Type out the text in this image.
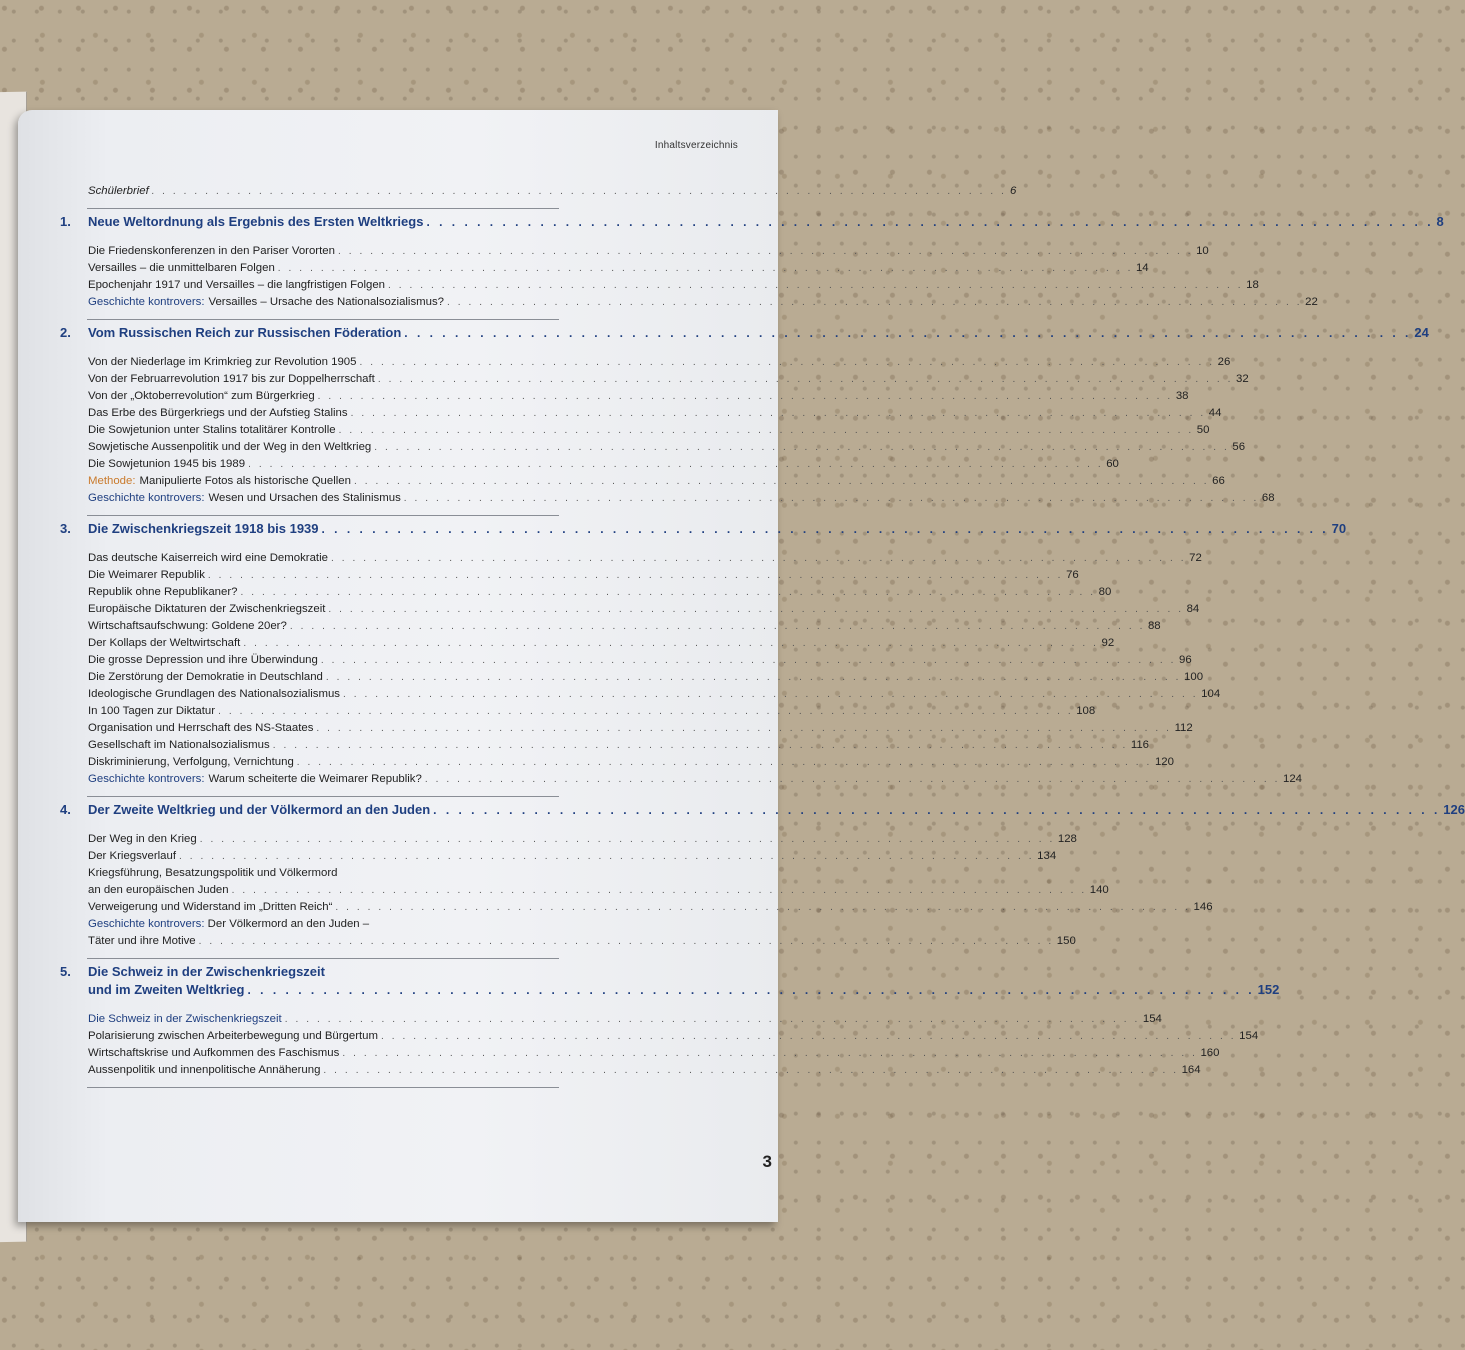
Inhaltsverzeichnis
Schülerbrief . . . . . . . . . . . . . . . . . . . . . . . . . . . . . . . . . . . . . . . . . . . . . . . . . . . . . . . . . . . . . . . . . . . . . . . . . . . . . . . . 6
1. Neue Weltordnung als Ergebnis des Ersten Weltkriegs . . . . . . . . . . . . . . . . . . . . . . . . . . . . . . . . . . . . . . . . . . . . . . . . . . . . . . . . . . . . . . . . . . . . . . . . . . . . . . . . 8
Die Friedenskonferenzen in den Pariser Vororten . . . . . . . . . . . . . . . . . . . . . . . . . . . . . . . . . . . . . . . . . . . . . . . . . . . . . . . . . . . . . . . . . . . . . . . . . . . . . . . . 10
Versailles – die unmittelbaren Folgen . . . . . . . . . . . . . . . . . . . . . . . . . . . . . . . . . . . . . . . . . . . . . . . . . . . . . . . . . . . . . . . . . . . . . . . . . . . . . . . . 14
Epochenjahr 1917 und Versailles – die langfristigen Folgen . . . . . . . . . . . . . . . . . . . . . . . . . . . . . . . . . . . . . . . . . . . . . . . . . . . . . . . . . . . . . . . . . . . . . . . . . . . . . . . . 18
Geschichte kontrovers: Versailles – Ursache des Nationalsozialismus? . . . . . . . . . . . . . . . . . . . . . . . . . . . . . . . . . . . . . . . . . . . . . . . . . . . . . . . . . . . . . . . . . . . . . . . . . . . . . . . . 22
2. Vom Russischen Reich zur Russischen Föderation . . . . . . . . . . . . . . . . . . . . . . . . . . . . . . . . . . . . . . . . . . . . . . . . . . . . . . . . . . . . . . . . . . . . . . . . . . . . . . . . 24
Von der Niederlage im Krimkrieg zur Revolution 1905 . . . . . . . . . . . . . . . . . . . . . . . . . . . . . . . . . . . . . . . . . . . . . . . . . . . . . . . . . . . . . . . . . . . . . . . . . . . . . . . . 26
Von der Februarrevolution 1917 bis zur Doppelherrschaft . . . . . . . . . . . . . . . . . . . . . . . . . . . . . . . . . . . . . . . . . . . . . . . . . . . . . . . . . . . . . . . . . . . . . . . . . . . . . . . . 32
Von der „Oktoberrevolution“ zum Bürgerkrieg . . . . . . . . . . . . . . . . . . . . . . . . . . . . . . . . . . . . . . . . . . . . . . . . . . . . . . . . . . . . . . . . . . . . . . . . . . . . . . . . 38
Das Erbe des Bürgerkriegs und der Aufstieg Stalins . . . . . . . . . . . . . . . . . . . . . . . . . . . . . . . . . . . . . . . . . . . . . . . . . . . . . . . . . . . . . . . . . . . . . . . . . . . . . . . . 44
Die Sowjetunion unter Stalins totalitärer Kontrolle . . . . . . . . . . . . . . . . . . . . . . . . . . . . . . . . . . . . . . . . . . . . . . . . . . . . . . . . . . . . . . . . . . . . . . . . . . . . . . . . 50
Sowjetische Aussenpolitik und der Weg in den Weltkrieg . . . . . . . . . . . . . . . . . . . . . . . . . . . . . . . . . . . . . . . . . . . . . . . . . . . . . . . . . . . . . . . . . . . . . . . . . . . . . . . . 56
Die Sowjetunion 1945 bis 1989 . . . . . . . . . . . . . . . . . . . . . . . . . . . . . . . . . . . . . . . . . . . . . . . . . . . . . . . . . . . . . . . . . . . . . . . . . . . . . . . . 60
Methode: Manipulierte Fotos als historische Quellen . . . . . . . . . . . . . . . . . . . . . . . . . . . . . . . . . . . . . . . . . . . . . . . . . . . . . . . . . . . . . . . . . . . . . . . . . . . . . . . . 66
Geschichte kontrovers: Wesen und Ursachen des Stalinismus . . . . . . . . . . . . . . . . . . . . . . . . . . . . . . . . . . . . . . . . . . . . . . . . . . . . . . . . . . . . . . . . . . . . . . . . . . . . . . . . 68
3. Die Zwischenkriegszeit 1918 bis 1939 . . . . . . . . . . . . . . . . . . . . . . . . . . . . . . . . . . . . . . . . . . . . . . . . . . . . . . . . . . . . . . . . . . . . . . . . . . . . . . . . 70
Das deutsche Kaiserreich wird eine Demokratie . . . . . . . . . . . . . . . . . . . . . . . . . . . . . . . . . . . . . . . . . . . . . . . . . . . . . . . . . . . . . . . . . . . . . . . . . . . . . . . . 72
Die Weimarer Republik . . . . . . . . . . . . . . . . . . . . . . . . . . . . . . . . . . . . . . . . . . . . . . . . . . . . . . . . . . . . . . . . . . . . . . . . . . . . . . . . 76
Republik ohne Republikaner? . . . . . . . . . . . . . . . . . . . . . . . . . . . . . . . . . . . . . . . . . . . . . . . . . . . . . . . . . . . . . . . . . . . . . . . . . . . . . . . . 80
Europäische Diktaturen der Zwischenkriegszeit . . . . . . . . . . . . . . . . . . . . . . . . . . . . . . . . . . . . . . . . . . . . . . . . . . . . . . . . . . . . . . . . . . . . . . . . . . . . . . . . 84
Wirtschaftsaufschwung: Goldene 20er? . . . . . . . . . . . . . . . . . . . . . . . . . . . . . . . . . . . . . . . . . . . . . . . . . . . . . . . . . . . . . . . . . . . . . . . . . . . . . . . . 88
Der Kollaps der Weltwirtschaft . . . . . . . . . . . . . . . . . . . . . . . . . . . . . . . . . . . . . . . . . . . . . . . . . . . . . . . . . . . . . . . . . . . . . . . . . . . . . . . . 92
Die grosse Depression und ihre Überwindung . . . . . . . . . . . . . . . . . . . . . . . . . . . . . . . . . . . . . . . . . . . . . . . . . . . . . . . . . . . . . . . . . . . . . . . . . . . . . . . . 96
Die Zerstörung der Demokratie in Deutschland . . . . . . . . . . . . . . . . . . . . . . . . . . . . . . . . . . . . . . . . . . . . . . . . . . . . . . . . . . . . . . . . . . . . . . . . . . . . . . . . 100
Ideologische Grundlagen des Nationalsozialismus . . . . . . . . . . . . . . . . . . . . . . . . . . . . . . . . . . . . . . . . . . . . . . . . . . . . . . . . . . . . . . . . . . . . . . . . . . . . . . . . 104
In 100 Tagen zur Diktatur . . . . . . . . . . . . . . . . . . . . . . . . . . . . . . . . . . . . . . . . . . . . . . . . . . . . . . . . . . . . . . . . . . . . . . . . . . . . . . . . 108
Organisation und Herrschaft des NS-Staates . . . . . . . . . . . . . . . . . . . . . . . . . . . . . . . . . . . . . . . . . . . . . . . . . . . . . . . . . . . . . . . . . . . . . . . . . . . . . . . . 112
Gesellschaft im Nationalsozialismus . . . . . . . . . . . . . . . . . . . . . . . . . . . . . . . . . . . . . . . . . . . . . . . . . . . . . . . . . . . . . . . . . . . . . . . . . . . . . . . . 116
Diskriminierung, Verfolgung, Vernichtung . . . . . . . . . . . . . . . . . . . . . . . . . . . . . . . . . . . . . . . . . . . . . . . . . . . . . . . . . . . . . . . . . . . . . . . . . . . . . . . . 120
Geschichte kontrovers: Warum scheiterte die Weimarer Republik? . . . . . . . . . . . . . . . . . . . . . . . . . . . . . . . . . . . . . . . . . . . . . . . . . . . . . . . . . . . . . . . . . . . . . . . . . . . . . . . . 124
4. Der Zweite Weltkrieg und der Völkermord an den Juden . . . . . . . . . . . . . . . . . . . . . . . . . . . . . . . . . . . . . . . . . . . . . . . . . . . . . . . . . . . . . . . . . . . . . . . . . . . . . . . . 126
Der Weg in den Krieg . . . . . . . . . . . . . . . . . . . . . . . . . . . . . . . . . . . . . . . . . . . . . . . . . . . . . . . . . . . . . . . . . . . . . . . . . . . . . . . . 128
Der Kriegsverlauf . . . . . . . . . . . . . . . . . . . . . . . . . . . . . . . . . . . . . . . . . . . . . . . . . . . . . . . . . . . . . . . . . . . . . . . . . . . . . . . . 134
Kriegsführung, Besatzungspolitik und Völkermord
an den europäischen Juden . . . . . . . . . . . . . . . . . . . . . . . . . . . . . . . . . . . . . . . . . . . . . . . . . . . . . . . . . . . . . . . . . . . . . . . . . . . . . . . . 140
Verweigerung und Widerstand im „Dritten Reich“ . . . . . . . . . . . . . . . . . . . . . . . . . . . . . . . . . . . . . . . . . . . . . . . . . . . . . . . . . . . . . . . . . . . . . . . . . . . . . . . . 146
Geschichte kontrovers: Der Völkermord an den Juden –
Täter und ihre Motive . . . . . . . . . . . . . . . . . . . . . . . . . . . . . . . . . . . . . . . . . . . . . . . . . . . . . . . . . . . . . . . . . . . . . . . . . . . . . . . . 150
5. Die Schweiz in der Zwischenkriegszeit
und im Zweiten Weltkrieg . . . . . . . . . . . . . . . . . . . . . . . . . . . . . . . . . . . . . . . . . . . . . . . . . . . . . . . . . . . . . . . . . . . . . . . . . . . . . . . . 152
Die Schweiz in der Zwischenkriegszeit . . . . . . . . . . . . . . . . . . . . . . . . . . . . . . . . . . . . . . . . . . . . . . . . . . . . . . . . . . . . . . . . . . . . . . . . . . . . . . . . 154
Polarisierung zwischen Arbeiterbewegung und Bürgertum . . . . . . . . . . . . . . . . . . . . . . . . . . . . . . . . . . . . . . . . . . . . . . . . . . . . . . . . . . . . . . . . . . . . . . . . . . . . . . . . 154
Wirtschaftskrise und Aufkommen des Faschismus . . . . . . . . . . . . . . . . . . . . . . . . . . . . . . . . . . . . . . . . . . . . . . . . . . . . . . . . . . . . . . . . . . . . . . . . . . . . . . . . 160
Aussenpolitik und innenpolitische Annäherung . . . . . . . . . . . . . . . . . . . . . . . . . . . . . . . . . . . . . . . . . . . . . . . . . . . . . . . . . . . . . . . . . . . . . . . . . . . . . . . . 164
3
